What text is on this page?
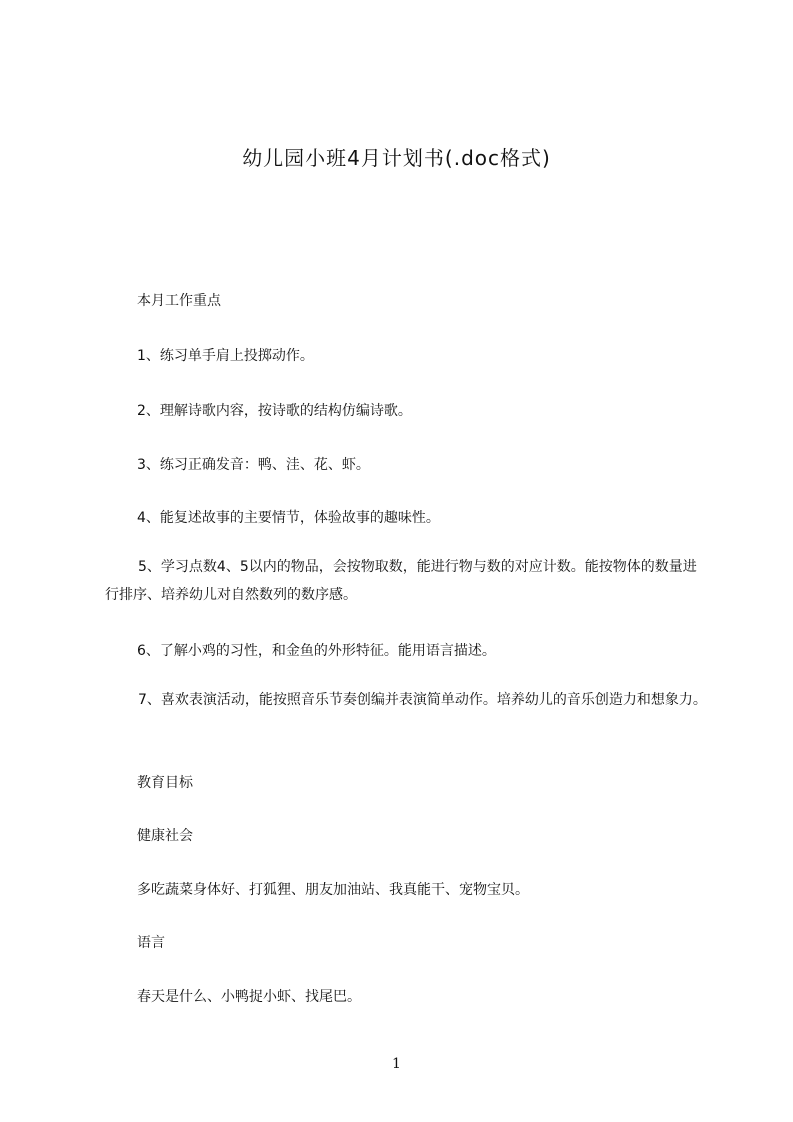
幼儿园小班4月计划书(.doc格式)

本月工作重点

1、练习单手肩上投掷动作。

2、理解诗歌内容，按诗歌的结构仿编诗歌。

3、练习正确发音：鸭、洼、花、虾。

4、能复述故事的主要情节，体验故事的趣味性。

5、学习点数4、5以内的物品，会按物取数，能进行物与数的对应计数。能按物体的数量进行排序、培养幼儿对自然数列的数序感。

6、了解小鸡的习性，和金鱼的外形特征。能用语言描述。

7、喜欢表演活动，能按照音乐节奏创编并表演简单动作。培养幼儿的音乐创造力和想象力。

教育目标

健康社会

多吃蔬菜身体好、打狐狸、朋友加油站、我真能干、宠物宝贝。

语言

春天是什么、小鸭捉小虾、找尾巴。

1
